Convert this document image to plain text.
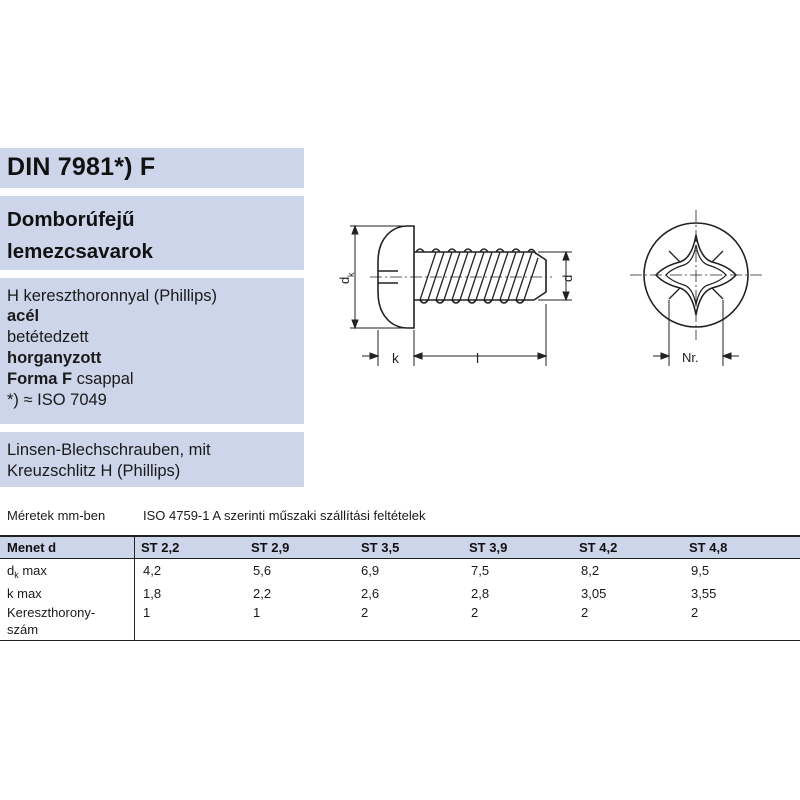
DIN 7981*) F
Domborúfejű
lemezcsavarok
H kereszthoronnyal (Phillips)
acél
betétedzett
horganyzott
Forma F csappal
*) ≈ ISO 7049
Linsen-Blechschrauben, mit
Kreuzschlitz H (Phillips)
d
k
d
k	l	Nr.
Méretek mm-ben	ISO 4759-1 A szerinti műszaki szállítási feltételek
Menet d	ST 2,2	ST 2,9	ST 3,5	ST 3,9	ST 4,2	ST 4,8
$d_k$ max	4,2	5,6	6,9	7,5	8,2	9,5
k max	1,8	2,2	2,6	2,8	3,05	3,55
Kereszthorony-
szám
1	1	2	2	2	2
